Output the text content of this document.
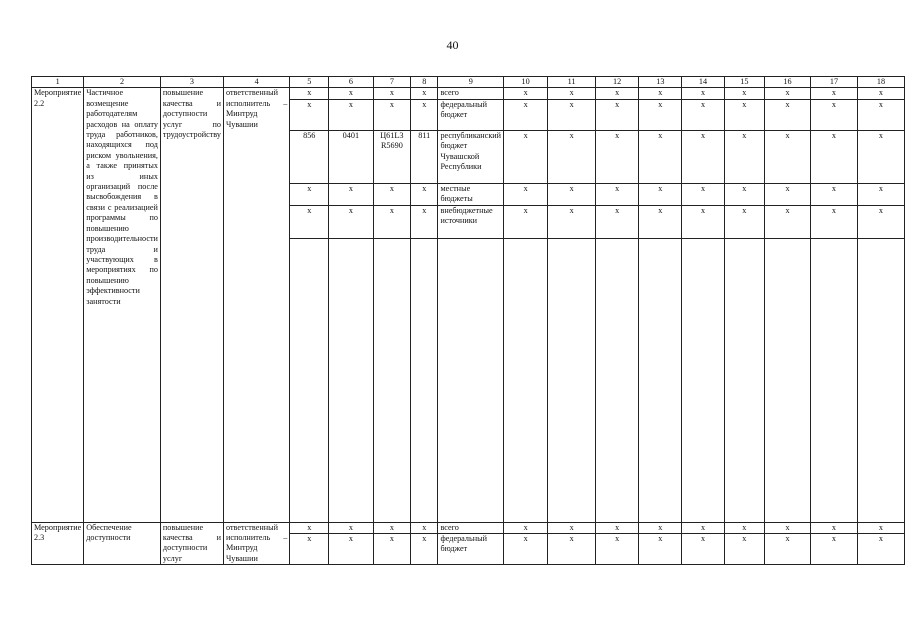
40
1	2	3	4	5	6	7	8	9	10	11	12	13	14	15	16	17	18
Мероприятие 2.2	Частичное возмещение работодателям расходов на оплату труда работников, находящихся под риском увольнения, а также принятых из иных организаций после высвобождения в связи с реализацией программы по повышению производительности труда и участвующих в мероприятиях по повышению эффективности занятости	повышение качества и доступности услуг по трудоустройству	ответственный исполнитель – Минтруд Чувашии	x	x	x	x	всего	x	x	x	x	x	x	x	x	x
				x	x	x	x	федеральный бюджет	x	x	x	x	x	x	x	x	x
				856	0401	Ц61L3 R5690	811	республиканский бюджет Чувашской Республики	x	x	x	x	x	x	x	x	x
				x	x	x	x	местные бюджеты	x	x	x	x	x	x	x	x	x
				x	x	x	x	внебюджетные источники	x	x	x	x	x	x	x	x	x

Мероприятие 2.3	Обеспечение доступности	повышение качества и доступности услуг	ответственный исполнитель – Минтруд Чувашии	x	x	x	x	всего	x	x	x	x	x	x	x	x	x
				x	x	x	x	федеральный бюджет	x	x	x	x	x	x	x	x	x
